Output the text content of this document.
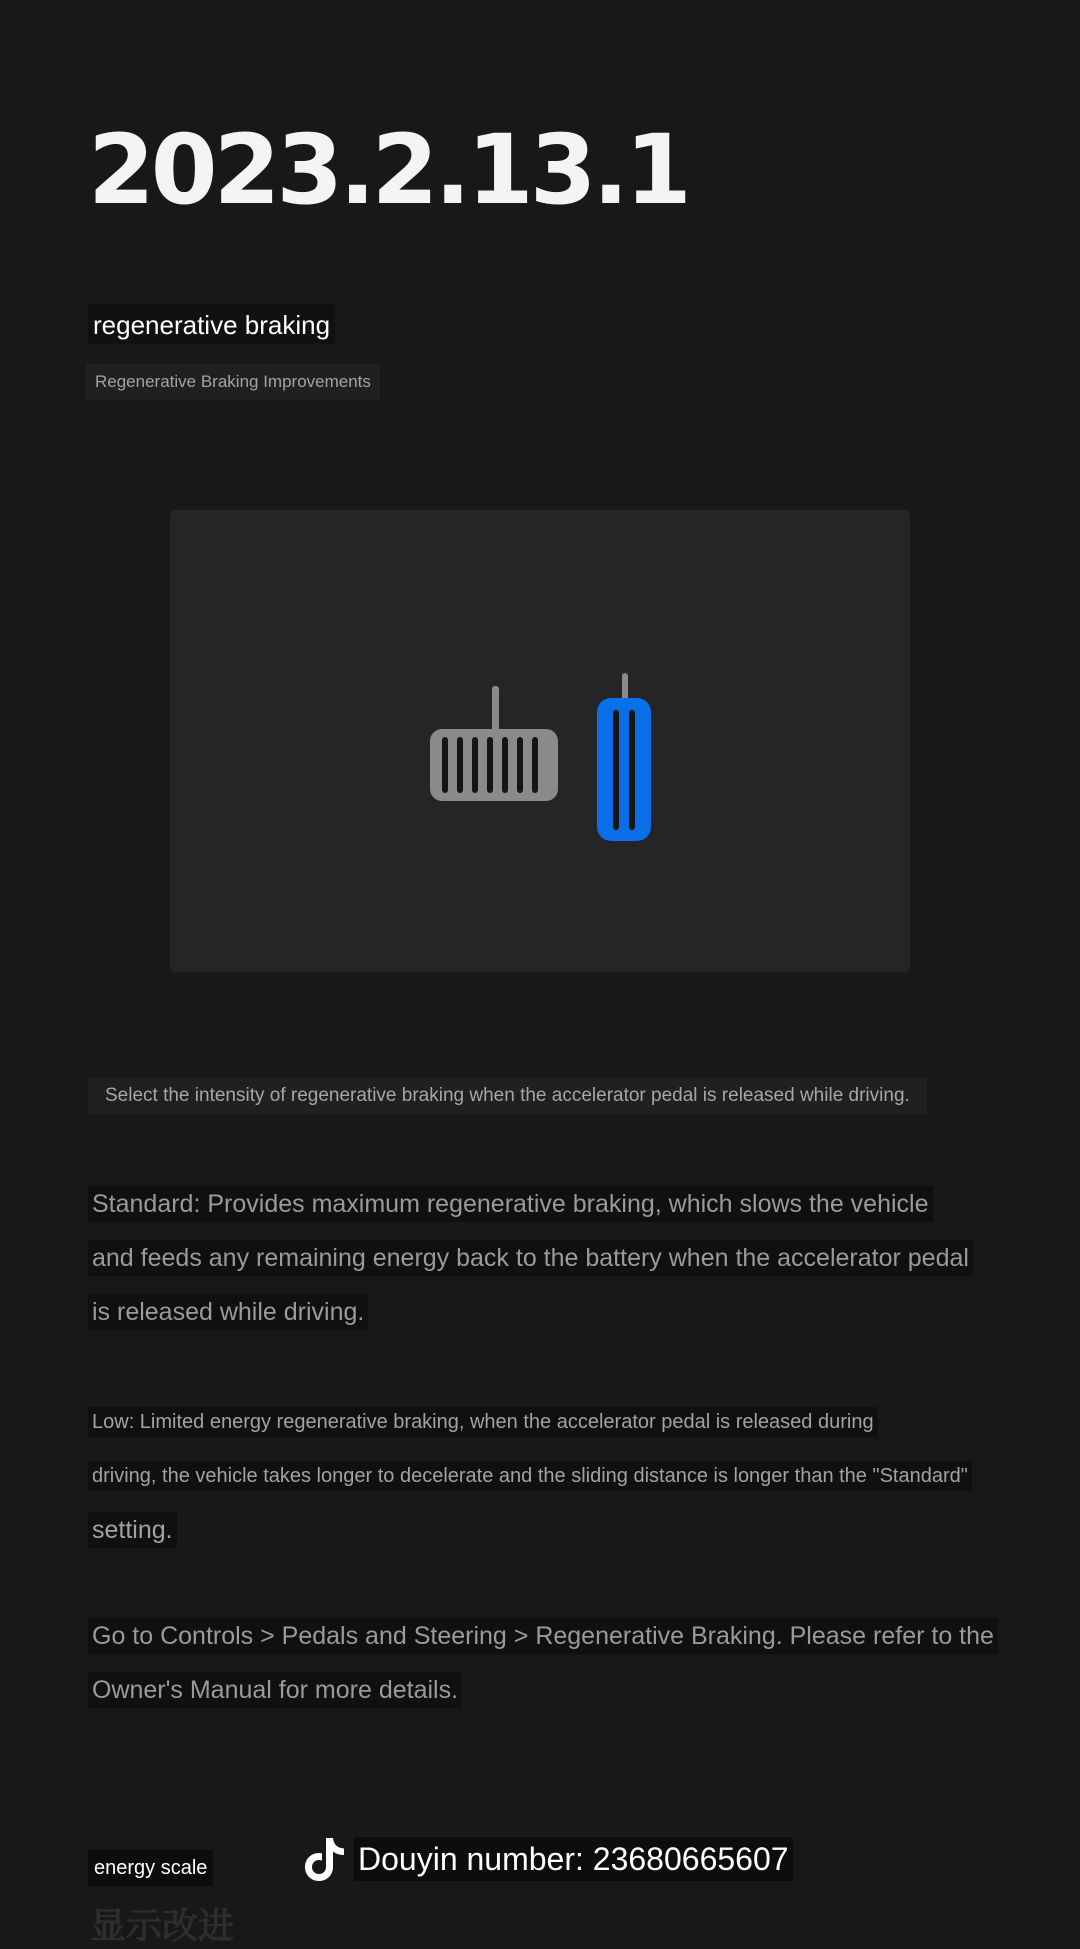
2023.2.13.1
regenerative braking
Regenerative Braking Improvements
Select the intensity of regenerative braking when the accelerator pedal is released while driving.

Standard: Provides maximum regenerative braking, which slows the vehicle
and feeds any remaining energy back to the battery when the accelerator pedal
is released while driving.

Low: Limited energy regenerative braking, when the accelerator pedal is released during
driving, the vehicle takes longer to decelerate and the sliding distance is longer than the "Standard"
setting.

Go to Controls > Pedals and Steering > Regenerative Braking. Please refer to the
Owner's Manual for more details.

显示改进
energy scale	Douyin number: 23680665607
